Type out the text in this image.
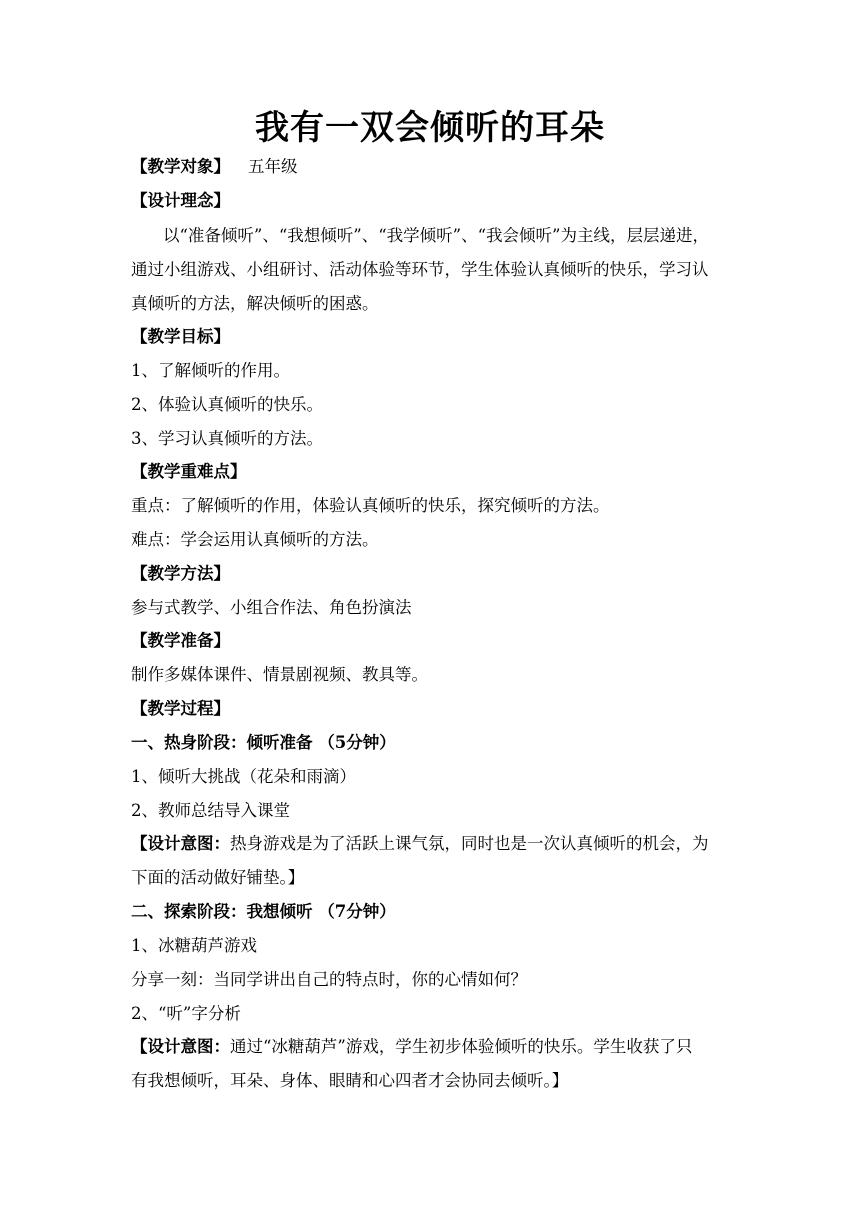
我有一双会倾听的耳朵
【教学对象】 五年级
【设计理念】
以“准备倾听”、“我想倾听”、“我学倾听”、“我会倾听”为主线，层层递进，
通过小组游戏、小组研讨、活动体验等环节，学生体验认真倾听的快乐，学习认
真倾听的方法，解决倾听的困惑。
【教学目标】
1、了解倾听的作用。
2、体验认真倾听的快乐。
3、学习认真倾听的方法。
【教学重难点】
重点：了解倾听的作用，体验认真倾听的快乐，探究倾听的方法。
难点：学会运用认真倾听的方法。
【教学方法】
参与式教学、小组合作法、角色扮演法
【教学准备】
制作多媒体课件、情景剧视频、教具等。
【教学过程】
一、热身阶段：倾听准备 （5分钟）
1、倾听大挑战（花朵和雨滴）
2、教师总结导入课堂
【设计意图：热身游戏是为了活跃上课气氛，同时也是一次认真倾听的机会，为
下面的活动做好铺垫。】
二、探索阶段：我想倾听 （7分钟）
1、冰糖葫芦游戏
分享一刻：当同学讲出自己的特点时，你的心情如何？
2、“听”字分析
【设计意图：通过“冰糖葫芦”游戏，学生初步体验倾听的快乐。学生收获了只
有我想倾听，耳朵、身体、眼睛和心四者才会协同去倾听。】
